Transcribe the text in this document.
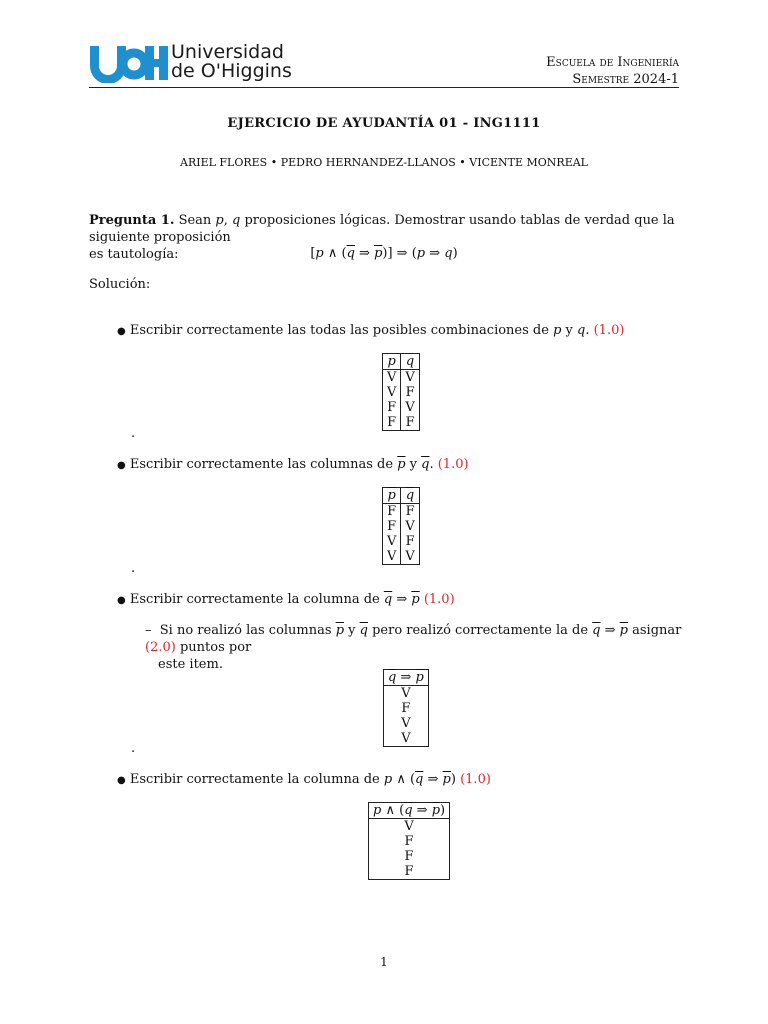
Universidad
de O'Higgins	Escuela de Ingeniería
Semestre 2024-1
EJERCICIO DE AYUDANTÍA 01 - ING1111
ARIEL FLORES • PEDRO HERNANDEZ-LLANOS • VICENTE MONREAL
Pregunta 1. Sean p, q proposiciones lógicas. Demostrar usando tablas de verdad que la siguiente proposición
es tautología:	[p ∧ ($\overline{q}$ ⇒ $\overline{p}$)] ⇒ (p ⇒ q)
Solución:
● Escribir correctamente las todas las posibles combinaciones de p y q. (1.0)
p	q
V	V
V	F
F	V
F	F
.
● Escribir correctamente las columnas de $\overline{p}$ y $\overline{q}$. (1.0)
$\overline{p}$	$\overline{q}$
F	F
F	V
V	F
V	V
.
● Escribir correctamente la columna de $\overline{q}$ ⇒ $\overline{p}$ (1.0)
–  Si no realizó las columnas $\overline{p}$ y $\overline{q}$ pero realizó correctamente la de $\overline{q}$ ⇒ $\overline{p}$ asignar (2.0) puntos por
este item.
$\overline{q}$ ⇒ $\overline{p}$
V
F
V
V
.
● Escribir correctamente la columna de p ∧ ($\overline{q}$ ⇒ $\overline{p}$) (1.0)
p ∧ ($\overline{q}$ ⇒ $\overline{p}$)
V
F
F
F
1
